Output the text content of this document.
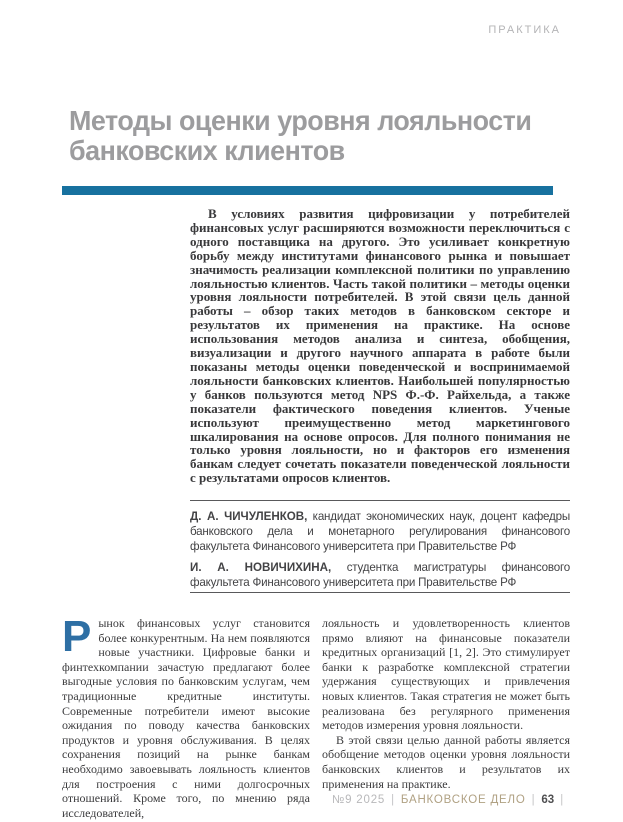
ПРАКТИКА
Методы оценки уровня лояльности
банковских клиентов

В условиях развития цифровизации у потребителей финансовых услуг расширяются возможности переключиться с одного поставщика на другого. Это усиливает конкретную борьбу между институтами финансового рынка и повышает значимость реализации комплексной политики по управлению лояльностью клиентов. Часть такой политики – методы оценки уровня лояльности потребителей. В этой связи цель данной работы – обзор таких методов в банковском секторе и результатов их применения на практике. На основе использования методов анализа и синтеза, обобщения, визуализации и другого научного аппарата в работе были показаны методы оценки поведенческой и воспринимаемой лояльности банковских клиентов. Наибольшей популярностью у банков пользуются метод NPS Ф.-Ф. Райхельда, а также показатели фактического поведения клиентов. Ученые используют преимущественно метод маркетингового шкалирования на основе опросов. Для полного понимания не только уровня лояльности, но и факторов его изменения банкам следует сочетать показатели поведенческой лояльности с результатами опросов клиентов.

Д. А. ЧИЧУЛЕНКОВ, кандидат экономических наук, доцент кафедры банковского дела и монетарного регулирования финансового факультета Финансового университета при Правительстве РФ

И. А. НОВИЧИХИНА, студентка магистратуры финансового факультета Финансового университета при Правительстве РФ

Рынок финансовых услуг становится более конкурентным. На нем появляются новые участники. Цифровые банки и финтехкомпании зачастую предлагают более выгодные условия по банковским услугам, чем традиционные кредитные институты. Современные потребители имеют высокие ожидания по поводу качества банковских продуктов и уровня обслуживания. В целях сохранения позиций на рынке банкам необходимо завоевывать лояльность клиентов для построения с ними долгосрочных отношений. Кроме того, по мнению ряда исследователей,

лояльность и удовлетворенность клиентов прямо влияют на финансовые показатели кредитных организаций [1, 2]. Это стимулирует банки к разработке комплексной стратегии удержания существующих и привлечения новых клиентов. Такая стратегия не может быть реализована без регулярного применения методов измерения уровня лояльности.

В этой связи целью данной работы является обобщение методов оценки уровня лояльности банковских клиентов и результатов их применения на практике.

№9 2025 | БАНКОВСКОЕ ДЕЛО | 63 |
